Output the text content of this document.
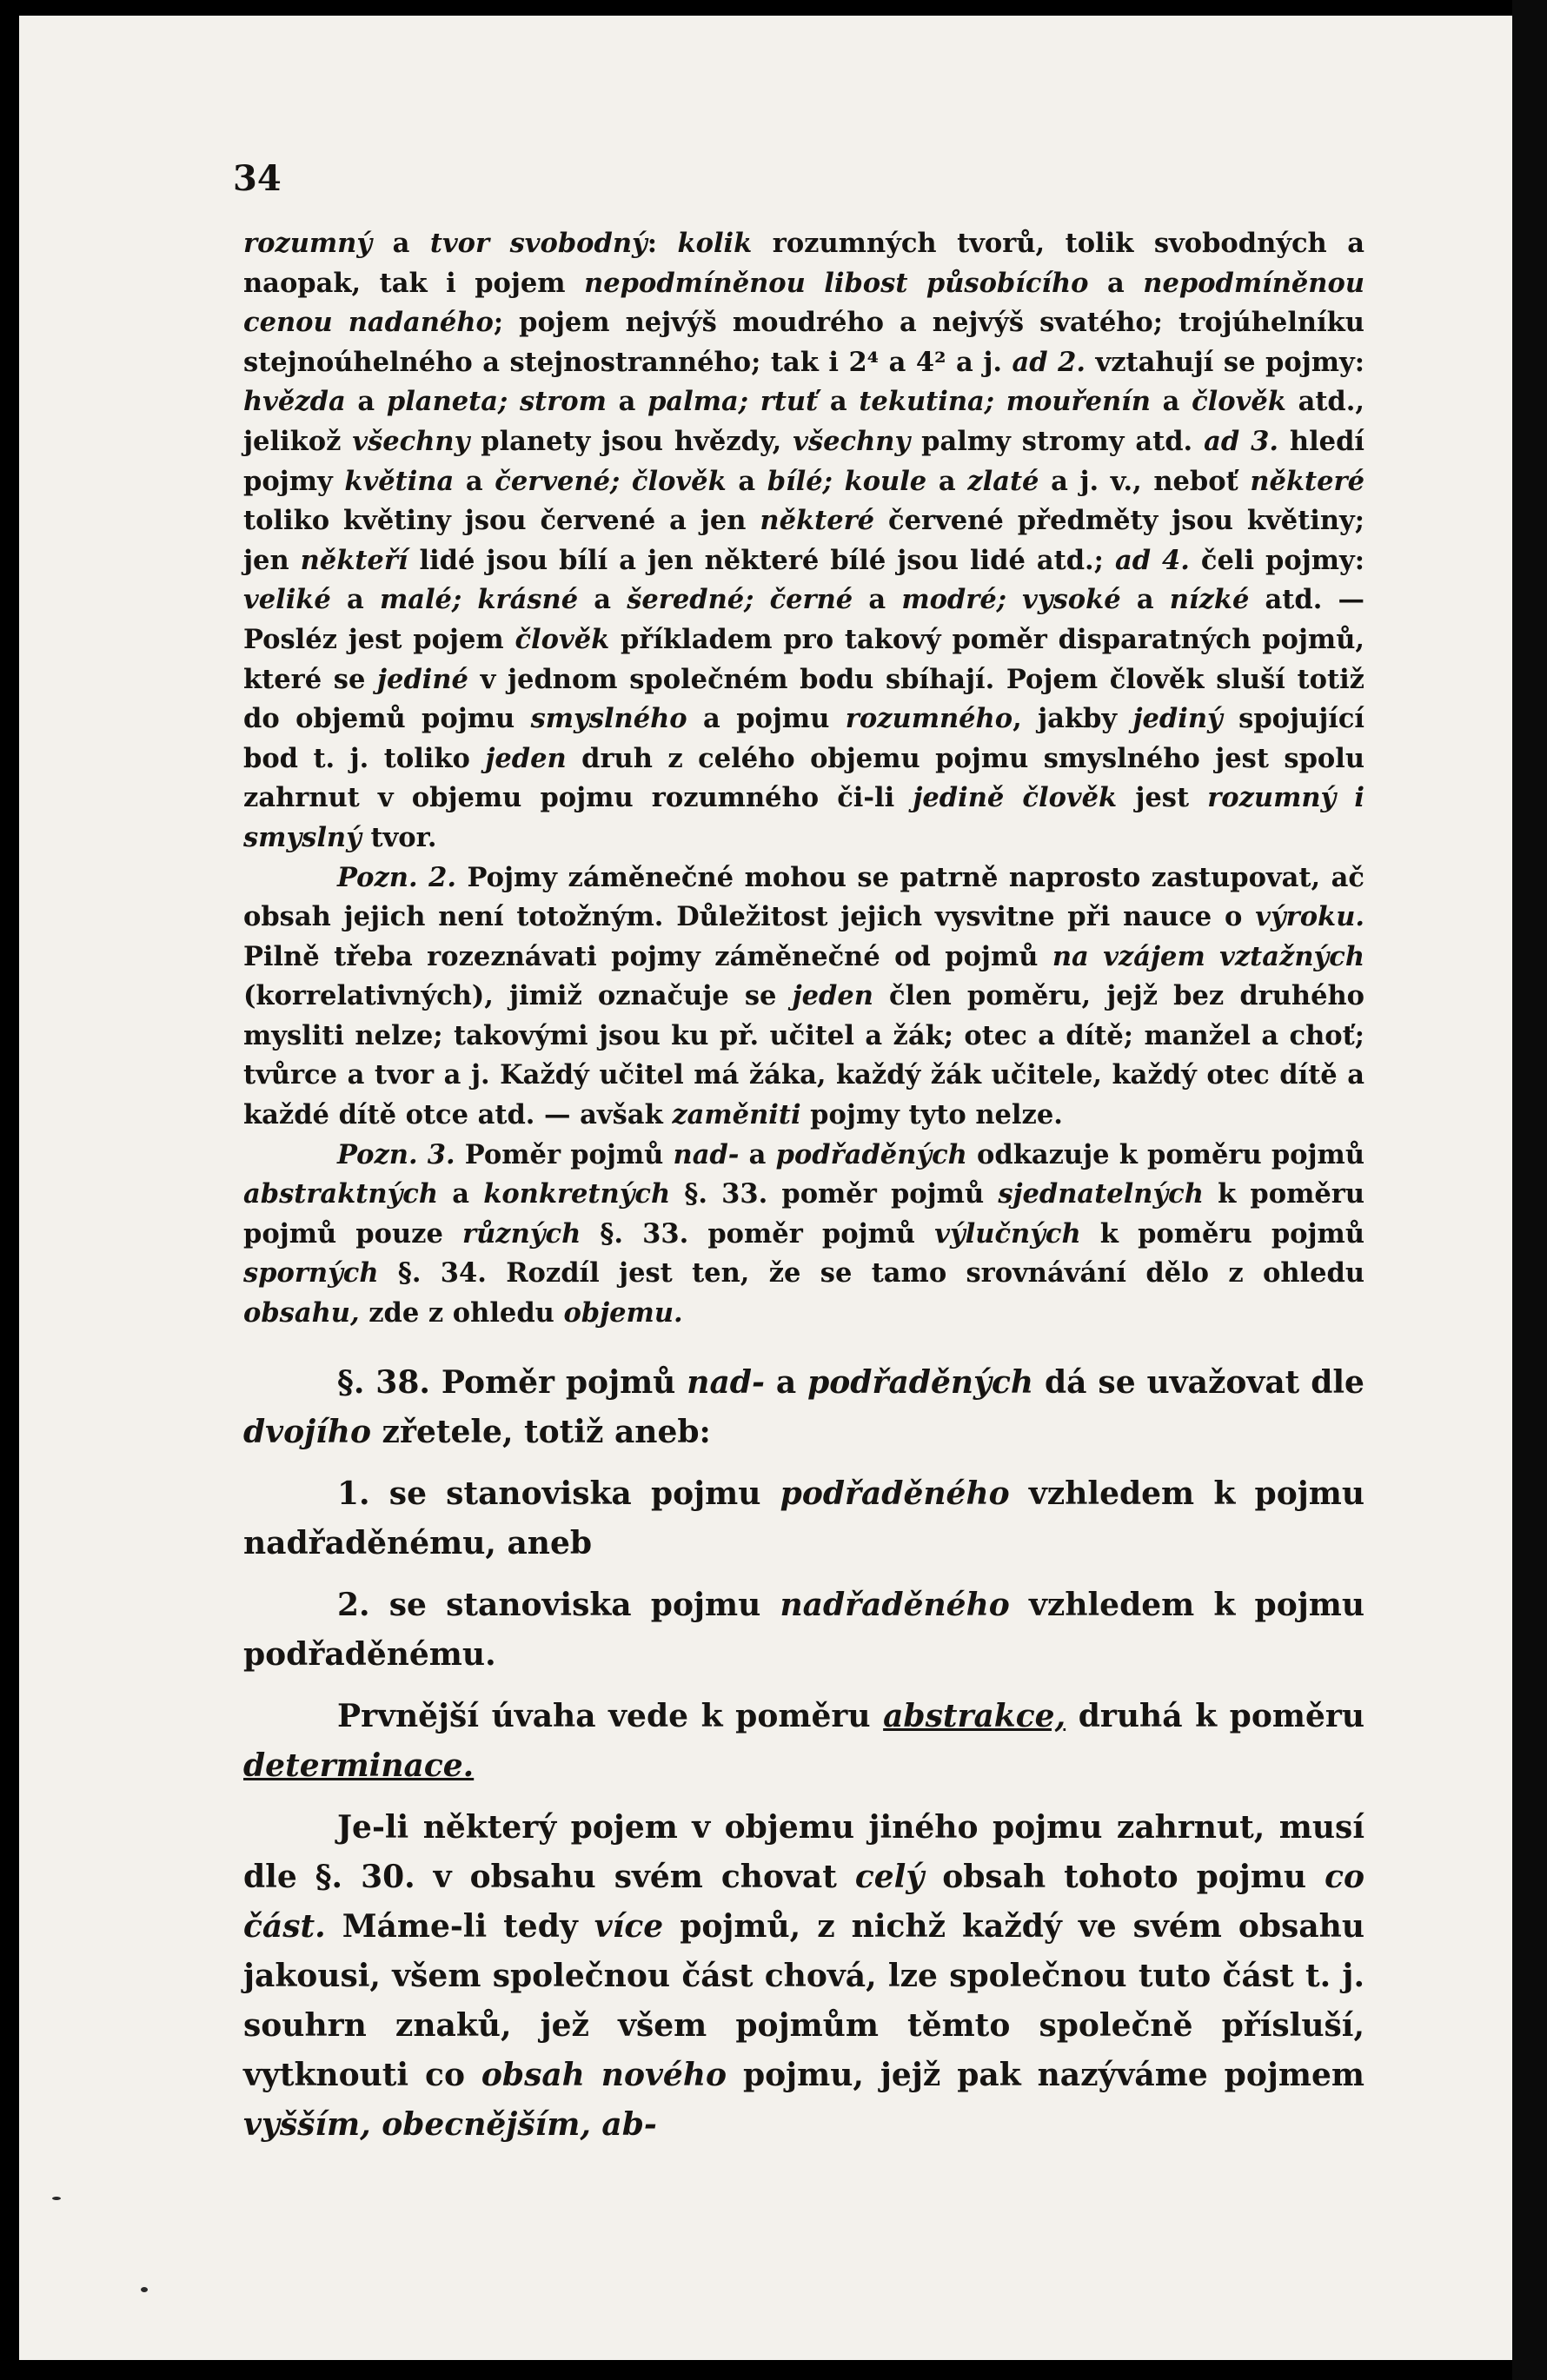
34

rozumný a tvor svobodný: kolik rozumných tvorů, tolik svobodných a naopak, tak i pojem nepodmíněnou libost působícího a nepodmíněnou cenou nadaného; pojem nejvýš moudrého a nejvýš svatého; trojúhelníku stejnoúhelného a stejnostranného; tak i 2⁴ a 4² a j. ad 2. vztahují se pojmy: hvězda a planeta; strom a palma; rtuť a tekutina; mouřenín a člověk atd., jelikož všechny planety jsou hvězdy, všechny palmy stromy atd. ad 3. hledí pojmy květina a červené; člověk a bílé; koule a zlaté a j. v., neboť některé toliko květiny jsou červené a jen některé červené předměty jsou květiny; jen někteří lidé jsou bílí a jen některé bílé jsou lidé atd.; ad 4. čeli pojmy: veliké a malé; krásné a šeredné; černé a modré; vysoké a nízké atd. — Posléz jest pojem člověk příkladem pro takový poměr disparatných pojmů, které se jediné v jednom společném bodu sbíhají. Pojem člověk sluší totiž do objemů pojmu smyslného a pojmu rozumného, jakby jediný spojující bod t. j. toliko jeden druh z celého objemu pojmu smyslného jest spolu zahrnut v objemu pojmu rozumného či-li jedině člověk jest rozumný i smyslný tvor.

Pozn. 2. Pojmy záměnečné mohou se patrně naprosto zastupovat, ač obsah jejich není totožným. Důležitost jejich vysvitne při nauce o výroku. Pilně třeba rozeznávati pojmy záměnečné od pojmů na vzájem vztažných (korrelativných), jimiž označuje se jeden člen poměru, jejž bez druhého mysliti nelze; takovými jsou ku př. učitel a žák; otec a dítě; manžel a choť; tvůrce a tvor a j. Každý učitel má žáka, každý žák učitele, každý otec dítě a každé dítě otce atd. — avšak zaměniti pojmy tyto nelze.

Pozn. 3. Poměr pojmů nad- a podřaděných odkazuje k poměru pojmů abstraktných a konkretných §. 33. poměr pojmů sjednatelných k poměru pojmů pouze různých §. 33. poměr pojmů výlučných k poměru pojmů sporných §. 34. Rozdíl jest ten, že se tamo srovnávání dělo z ohledu obsahu, zde z ohledu objemu.

§. 38. Poměr pojmů nad- a podřaděných dá se uvažovat dle dvojího zřetele, totiž aneb:

1. se stanoviska pojmu podřaděného vzhledem k pojmu nadřaděnému, aneb

2. se stanoviska pojmu nadřaděného vzhledem k pojmu podřaděnému.

Prvnější úvaha vede k poměru abstrakce, druhá k poměru determinace.

Je-li některý pojem v objemu jiného pojmu zahrnut, musí dle §. 30. v obsahu svém chovat celý obsah tohoto pojmu co část. Máme-li tedy více pojmů, z nichž každý ve svém obsahu jakousi, všem společnou část chová, lze společnou tuto část t. j. souhrn znaků, jež všem pojmům těmto společně přísluší, vytknouti co obsah nového pojmu, jejž pak nazýváme pojmem vyšším, obecnějším, ab-
